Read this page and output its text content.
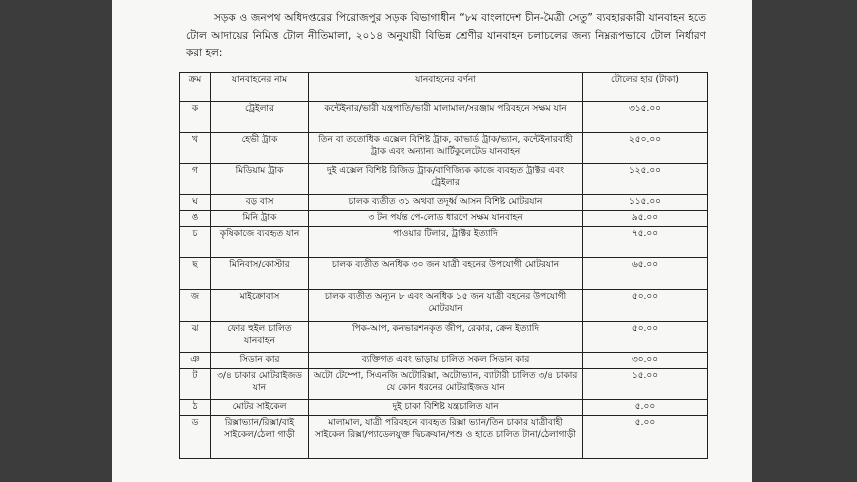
সড়ক ও জনপথ অধিদপ্তরের পিরোজপুর সড়ক বিভাগাধীন “৮ম বাংলাদেশ চীন-মৈত্রী সেতু” ব্যবহারকারী যানবাহন হতে টোল আদায়ের নিমিত্ত টোল নীতিমালা, ২০১৪ অনুযায়ী বিভিন্ন শ্রেণীর যানবাহন চলাচলের জন্য নিম্নরূপভাবে টোল নির্ধারণ করা হল:

ক্রম	যানবাহনের নাম	যানবাহনের বর্ণনা	টোলের হার (টাকা)
ক	ট্রেইলার	কন্টেইনার/ভারী যন্ত্রপাতি/ভারী মালামাল/সরঞ্জাম পরিবহনে সক্ষম যান	৩১৫.০০
খ	হেভী ট্রাক	তিন বা ততোধিক এক্সেল বিশিষ্ট ট্রাক, কাভার্ড ট্রাক/ভ্যান, কন্টেইনারবাহী ট্রাক এবং অন্যান্য আর্টিকুলেটেড যানবাহন	২৫০.০০
গ	মিডিয়াম ট্রাক	দুই এক্সেল বিশিষ্ট রিজিড ট্রাক/বাণিজ্যিক কাজে ব্যবহৃত ট্রাক্টর এবং ট্রেইলার	১২৫.০০
ঘ	বড় বাস	চালক ব্যতীত ৩১ অথবা তদূর্ধ্ব আসন বিশিষ্ট মোটরযান	১১৫.০০
ঙ	মিনি ট্রাক	৩ টন পর্যন্ত পে-লোড ধারণে সক্ষম যানবাহন	৯৫.০০
চ	কৃষিকাজে ব্যবহৃত যান	পাওয়ার টিলার, ট্রাক্টর ইত্যাদি	৭৫.০০
ছ	মিনিবাস/কোস্টার	চালক ব্যতীত অনধিক ৩০ জন যাত্রী বহনের উপযোগী মোটরযান	৬৫.০০
জ	মাইক্রোবাস	চালক ব্যতীত অন্যূন ৮ এবং অনধিক ১৫ জন যাত্রী বহনের উপযোগী মোটরযান	৫০.০০
ঝ	ফোর হুইল চালিত যানবাহন	পিক-আপ, কনভারশনকৃত জীপ, রেকার, ক্রেন ইত্যাদি	৫০.০০
ঞ	সিডান কার	ব্যক্তিগত এবং ভাড়ায় চালিত সকল সিডান কার	৩০.০০
ট	৩/৪ চাকার মোটরাইজড যান	অটো টেম্পো, সিএনজি অটোরিক্সা, অটোভ্যান, ব্যাটারী চালিত ৩/৪ চাকার যে কোন ধরনের মোটরাইজড যান	১৫.০০
ঠ	মোটর সাইকেল	দুই চাকা বিশিষ্ট যন্ত্রচালিত যান	৫.০০
ড	রিক্সাভ্যান/রিক্সা/বাই সাইকেল/ঠেলা গাড়ী	মালামাল, যাত্রী পরিবহনে ব্যবহৃত রিক্সা ভ্যান/তিন চাকার যাত্রীবাহী সাইকেল রিক্সা/প্যাডেলযুক্ত দ্বিচক্রযান/পশু ও হাতে চালিত টানা/ঠেলাগাড়ী	৫.০০
